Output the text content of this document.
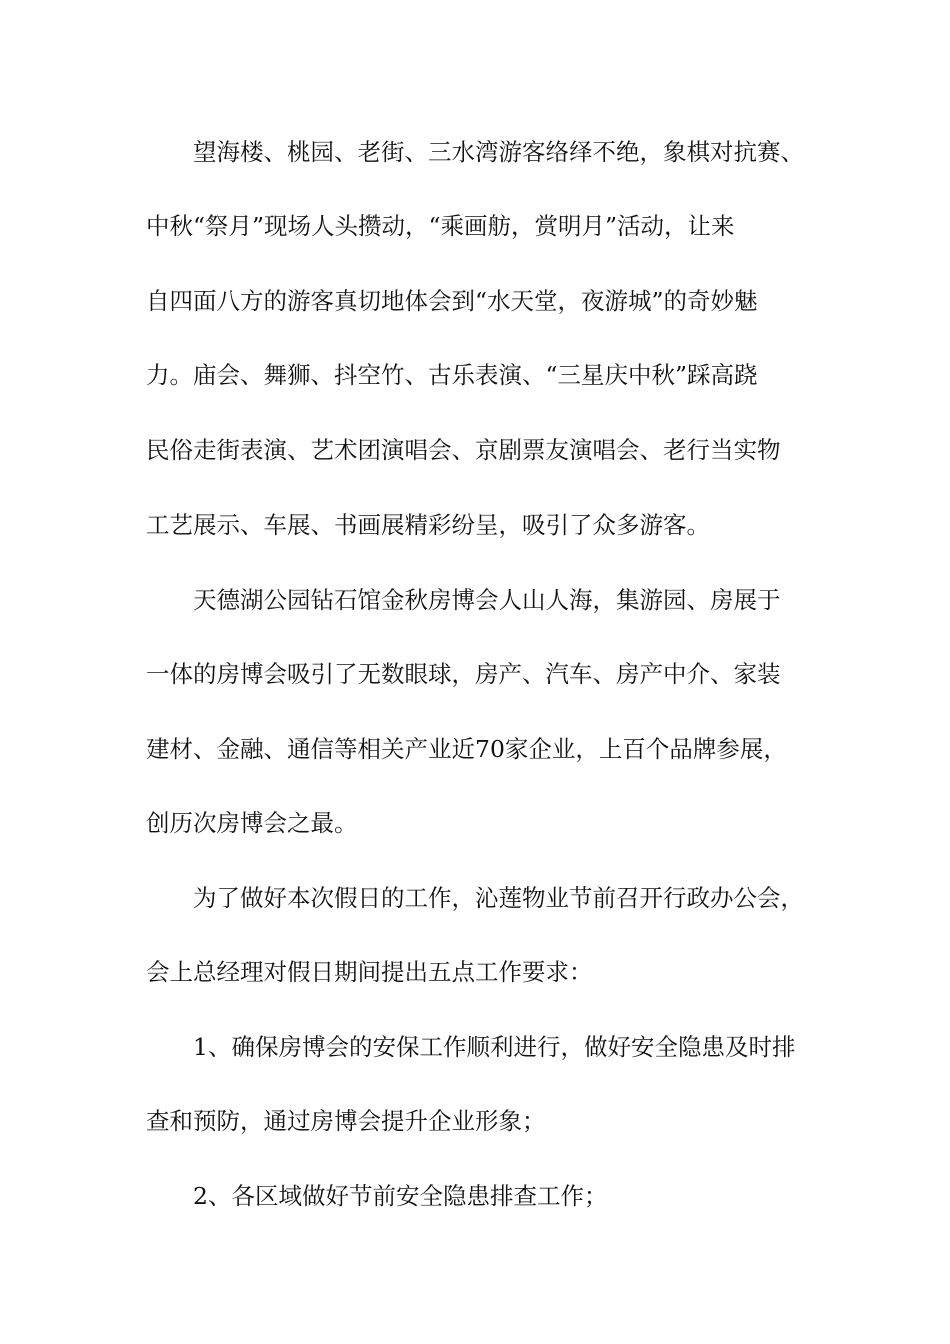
望海楼、桃园、老街、三水湾游客络绎不绝，象棋对抗赛、
中秋“祭月”现场人头攒动，“乘画舫，赏明月”活动，让来
自四面八方的游客真切地体会到“水天堂，夜游城”的奇妙魅
力。庙会、舞狮、抖空竹、古乐表演、“三星庆中秋”踩高跷
民俗走街表演、艺术团演唱会、京剧票友演唱会、老行当实物
工艺展示、车展、书画展精彩纷呈，吸引了众多游客。
天德湖公园钻石馆金秋房博会人山人海，集游园、房展于
一体的房博会吸引了无数眼球，房产、汽车、房产中介、家装
建材、金融、通信等相关产业近70家企业，上百个品牌参展，
创历次房博会之最。
为了做好本次假日的工作，沁莲物业节前召开行政办公会，
会上总经理对假日期间提出五点工作要求：
1、确保房博会的安保工作顺利进行，做好安全隐患及时排
查和预防，通过房博会提升企业形象；
2、各区域做好节前安全隐患排查工作；
